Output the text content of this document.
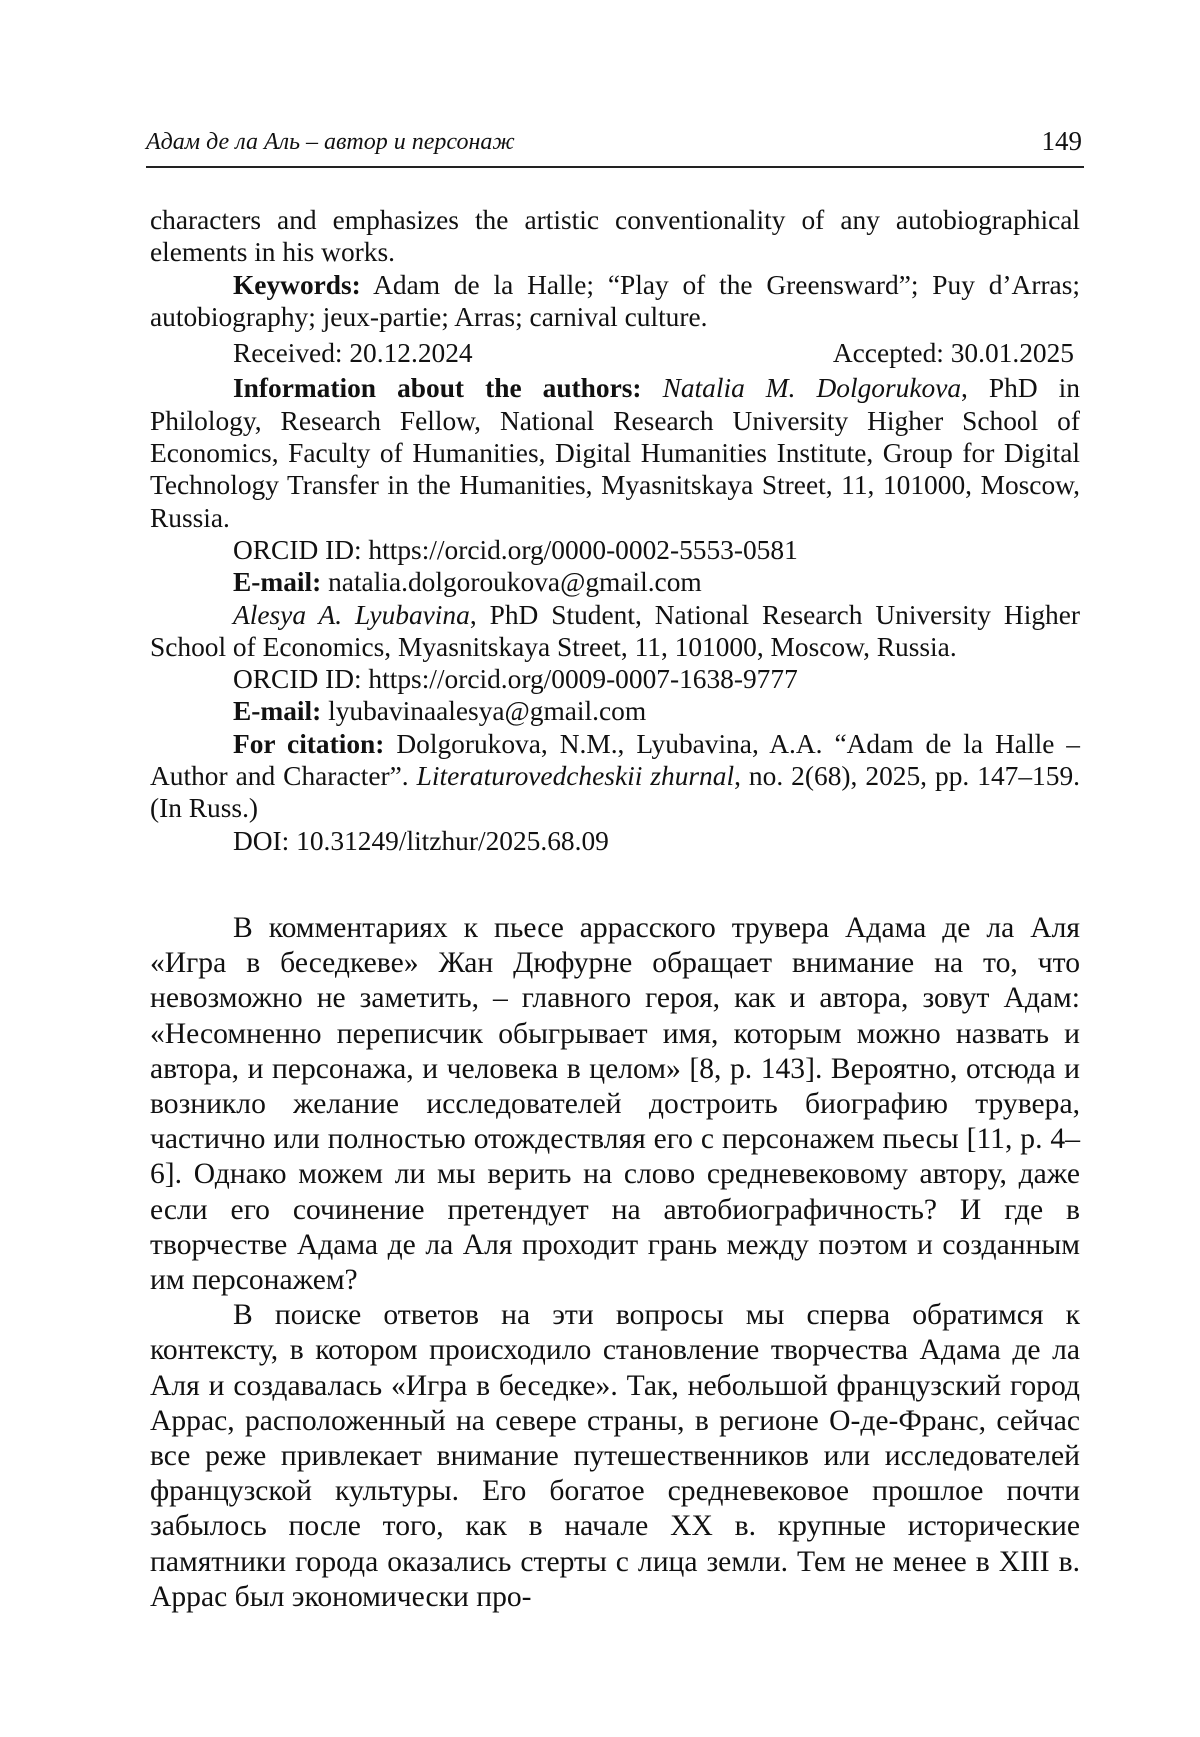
Адам де ла Аль – автор и персонаж	149

characters and emphasizes the artistic conventionality of any autobiographical elements in his works.

Keywords: Adam de la Halle; “Play of the Greensward”; Puy d’Arras; autobiography; jeux-partie; Arras; carnival culture.

Received: 20.12.2024	Accepted: 30.01.2025

Information about the authors: Natalia M. Dolgorukova, PhD in Philology, Research Fellow, National Research University Higher School of Economics, Faculty of Humanities, Digital Humanities Institute, Group for Digital Technology Transfer in the Humanities, Myasnitskaya Street, 11, 101000, Moscow, Russia.

ORCID ID: https://orcid.org/0000-0002-5553-0581

E-mail: natalia.dolgoroukova@gmail.com

Alesya A. Lyubavina, PhD Student, National Research University Higher School of Economics, Myasnitskaya Street, 11, 101000, Moscow, Russia.

ORCID ID: https://orcid.org/0009-0007-1638-9777

E-mail: lyubavinaalesya@gmail.com

For citation: Dolgorukova, N.M., Lyubavina, A.A. “Adam de la Halle – Author and Character”. Literaturovedcheskii zhurnal, no. 2(68), 2025, pp. 147–159. (In Russ.)

DOI: 10.31249/litzhur/2025.68.09

В комментариях к пьесе аррасского трувера Адама де ла Аля «Игра в беседкеве» Жан Дюфурне обращает внимание на то, что невозможно не заметить, – главного героя, как и автора, зовут Адам: «Несомненно переписчик обыгрывает имя, которым можно назвать и автора, и персонажа, и человека в целом» [8, p. 143]. Вероятно, отсюда и возникло желание исследователей достроить биографию трувера, частично или полностью отождествляя его с персонажем пьесы [11, p. 4–6]. Однако можем ли мы верить на слово средневековому автору, даже если его сочинение претендует на автобиографичность? И где в творчестве Адама де ла Аля проходит грань между поэтом и созданным им персонажем?

В поиске ответов на эти вопросы мы сперва обратимся к контексту, в котором происходило становление творчества Адама де ла Аля и создавалась «Игра в беседке». Так, небольшой французский город Аррас, расположенный на севере страны, в регионе О-де-Франс, сейчас все реже привлекает внимание путешественников или исследователей французской культуры. Его богатое средневековое прошлое почти забылось после того, как в начале XX в. крупные исторические памятники города оказались стерты с лица земли. Тем не менее в XIII в. Аррас был экономически про-
